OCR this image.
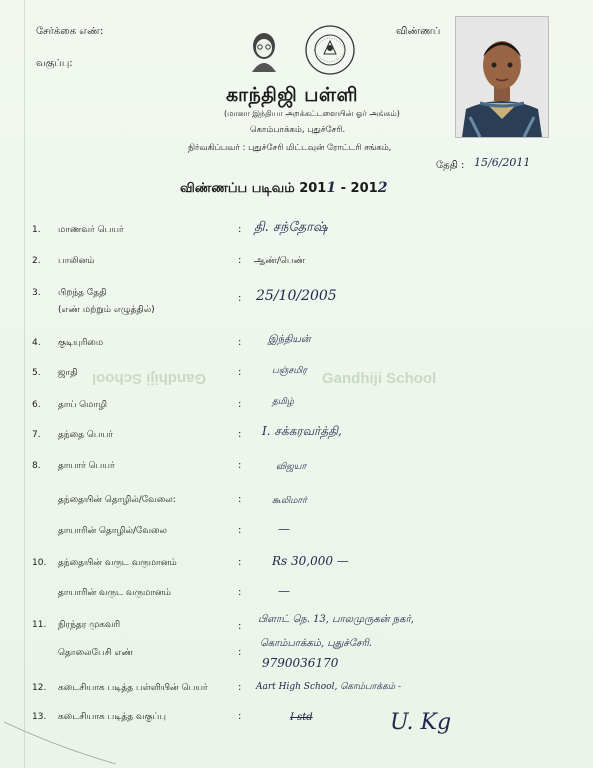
Gandhiji School	Gandhiji School
சேர்க்கை எண்:
வகுப்பு:
விண்ணப்
காந்திஜி பள்ளி
(மானா இந்தியா அறக்கட்டளையின் ஓர் அங்கம்)
கொம்பாக்கம், புதுச்சேரி.
நிர்வகிப்பவர் : புதுச்சேரி மிட்டவுன் ரோட்டரி சங்கம்,
தேதி : 15/6/2011
விண்ணப்ப படிவம் 2011 - 2012
1. மாணவர் பெயர்	: தி. சந்தோஷ்
2. பாலினம்	: ஆண்/பெண்
3. பிறந்த தேதி
(எண் மற்றும் எழுத்தில்)
: 25/10/2005
4. குடியுரிமை	:	இந்தியன்
5. ஜாதி	:	பஞ்சமிர
6. தாய் மொழி	:	தமிழ்
7. தந்தை பெயர்	: I. சக்கரவர்த்தி,
8. தாயார் பெயர்	:	விஜயா
தந்தையின் தொழில்/வேலை:	:	கூலிமார்
தாயாரின் தொழில்/வேலை	:	—
10. தந்தையின் வருட வருமானம்	:	Rs 30,000 —
தாயாரின் வருட வருமானம்	:	—
11. நிரந்தர முகவரி	:
பிளாட் நெ. 13, பாலமுருகன் நகர்,
கொம்பாக்கம், புதுச்சேரி.
தொலைபேசி எண்	:
9790036170
12. கடைசியாக படித்த பள்ளியின் பெயர்	: Aart High School, கொம்பாக்கம் -
13. கடைசியாக படித்த வகுப்பு	:	I std	U. Kg
